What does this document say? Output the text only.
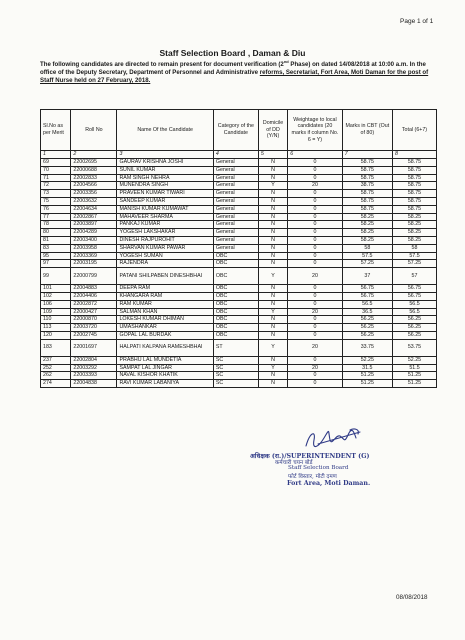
Page 1 of 1
Staff Selection Board , Daman & Diu
The following candidates are directed to remain present for document verification (2nd Phase) on dated 14/08/2018 at 10:00 a.m. In the office of the Deputy Secretary, Department of Personnel and Administrative reforms, Secretariat, Fort Area, Moti Daman for the post of Staff Nurse held on 27 February, 2018.
Sl.No as per Merit	Roll No	Name Of the Candidate	Category of the Candidate	Domicile of DD (Y/N)	Weightage to local candidates (20 marks if column No. 6 = Y)	Marks in CBT (Out of 80)	Total (6+7)
1	2	3	4	5	6	7	8
69	22002695	GAURAV KRISHNA JOSHI	General	N	0	58.75	58.75
70	22000688	SUNIL KUMAR	General	N	0	58.75	58.75
71	22002833	RAM SINGH NEHRA	General	N	0	58.75	58.75
72	22004566	MUNENDRA SINGH	General	Y	20	38.75	58.75
73	22003356	PRAVEEN KUMAR TIWARI	General	N	0	58.75	58.75
75	22003632	SANDEEP KUMAR	General	N	0	58.75	58.75
76	22004634	MANISH KUMAR KUMAWAT	General	N	0	58.75	58.75
77	22002867	MAHAVEER SHARMA	General	N	0	58.25	58.25
78	22003897	PANKAJ KUMAR	General	N	0	58.25	58.25
80	22004289	YOGESH LAKSHAKAR	General	N	0	58.25	58.25
81	22003400	DINESH RAJPUROHIT	General	N	0	58.25	58.25
83	22003958	SHARVAN KUMAR PAWAR	General	N	0	58	58
95	22003369	YOGESH SUMAN	OBC	N	0	57.5	57.5
97	22003195	RAJENDRA	OBC	N	0	57.25	57.25
99	22000799	PATANI SHILPABEN DINESHBHAI	OBC	Y	20	37	57
101	22004883	DEEPA RAM	OBC	N	0	56.75	56.75
102	22004406	KHANGARA RAM	OBC	N	0	56.75	56.75
106	22002872	RAM KUMAR	OBC	N	0	56.5	56.5
109	22000427	SALMAN KHAN	OBC	Y	20	36.5	56.5
110	22000870	LOKESH KUMAR DHIMAN	OBC	N	0	56.25	56.25
113	22003720	UMASHANKAR	OBC	N	0	56.25	56.25
120	22002745	GOPAL LAL BURDAK	OBC	N	0	56.25	56.25
183	22001697	HALPATI KALPANA RAMESHBHAI	ST	Y	20	33.75	53.75
237	22002804	PRABHU LAL MUNDETIA	SC	N	0	52.25	52.25
252	22003292	SAMPAT LAL JINGAR	SC	Y	20	31.5	51.5
262	22003393	NAVAL KISHOR KHATIK	SC	N	0	51.25	51.25
274	22004838	RAVI KUMAR LABANIYA	SC	N	0	51.25	51.25
अधिक्षक (रा.)/SUPERINTENDENT (G)
कर्मचारी चयन बोर्ड
Staff Selection Board
फोर्ट विस्तार, मोटी दमण
Fort Area, Moti Daman.
08/08/2018
